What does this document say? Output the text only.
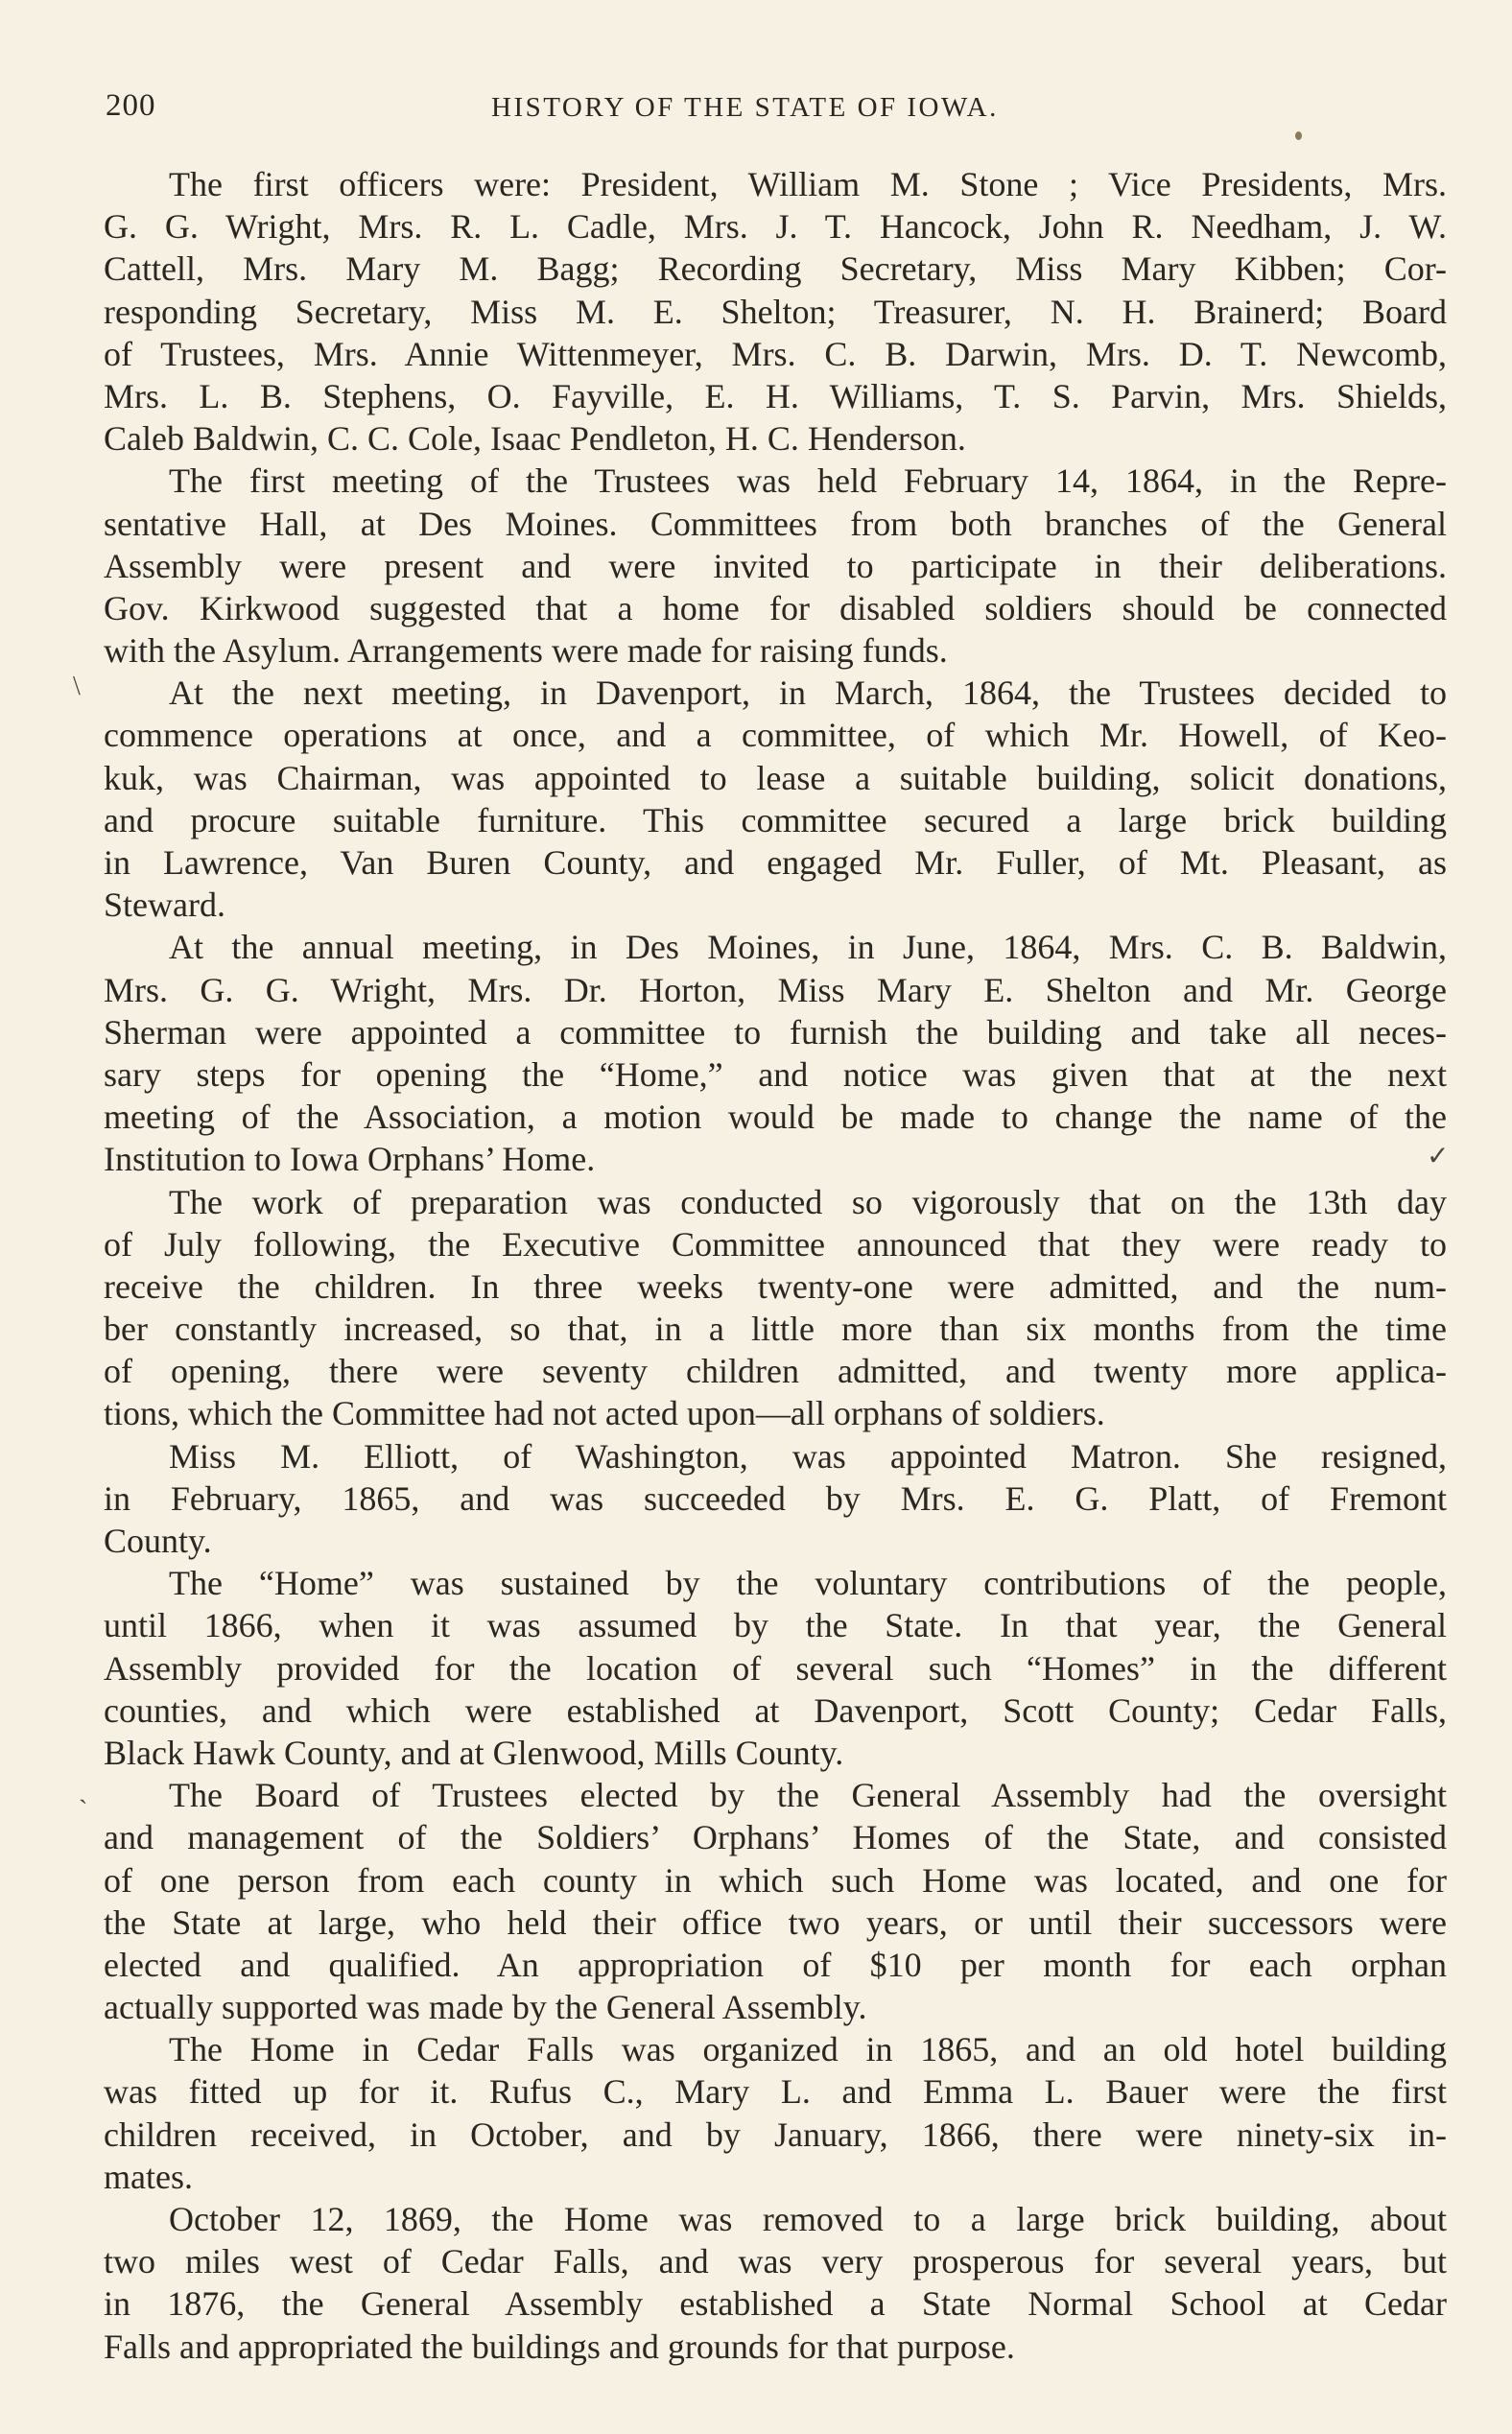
200	HISTORY OF THE STATE OF IOWA.
\
✓
ˎ
The first officers were: President, William M. Stone ; Vice Presidents, Mrs.
G. G. Wright, Mrs. R. L. Cadle, Mrs. J. T. Hancock, John R. Needham, J. W.
Cattell, Mrs. Mary M. Bagg; Recording Secretary, Miss Mary Kibben; Cor-
responding Secretary, Miss M. E. Shelton; Treasurer, N. H. Brainerd; Board
of Trustees, Mrs. Annie Wittenmeyer, Mrs. C. B. Darwin, Mrs. D. T. Newcomb,
Mrs. L. B. Stephens, O. Fayville, E. H. Williams, T. S. Parvin, Mrs. Shields,
Caleb Baldwin, C. C. Cole, Isaac Pendleton, H. C. Henderson.
The first meeting of the Trustees was held February 14, 1864, in the Repre-
sentative Hall, at Des Moines. Committees from both branches of the General
Assembly were present and were invited to participate in their deliberations.
Gov. Kirkwood suggested that a home for disabled soldiers should be connected
with the Asylum. Arrangements were made for raising funds.
At the next meeting, in Davenport, in March, 1864, the Trustees decided to
commence operations at once, and a committee, of which Mr. Howell, of Keo-
kuk, was Chairman, was appointed to lease a suitable building, solicit donations,
and procure suitable furniture. This committee secured a large brick building
in Lawrence, Van Buren County, and engaged Mr. Fuller, of Mt. Pleasant, as
Steward.
At the annual meeting, in Des Moines, in June, 1864, Mrs. C. B. Baldwin,
Mrs. G. G. Wright, Mrs. Dr. Horton, Miss Mary E. Shelton and Mr. George
Sherman were appointed a committee to furnish the building and take all neces-
sary steps for opening the “Home,” and notice was given that at the next
meeting of the Association, a motion would be made to change the name of the
Institution to Iowa Orphans’ Home.
The work of preparation was conducted so vigorously that on the 13th day
of July following, the Executive Committee announced that they were ready to
receive the children. In three weeks twenty-one were admitted, and the num-
ber constantly increased, so that, in a little more than six months from the time
of opening, there were seventy children admitted, and twenty more applica-
tions, which the Committee had not acted upon—all orphans of soldiers.
Miss M. Elliott, of Washington, was appointed Matron. She resigned,
in February, 1865, and was succeeded by Mrs. E. G. Platt, of Fremont
County.
The “Home” was sustained by the voluntary contributions of the people,
until 1866, when it was assumed by the State. In that year, the General
Assembly provided for the location of several such “Homes” in the different
counties, and which were established at Davenport, Scott County; Cedar Falls,
Black Hawk County, and at Glenwood, Mills County.
The Board of Trustees elected by the General Assembly had the oversight
and management of the Soldiers’ Orphans’ Homes of the State, and consisted
of one person from each county in which such Home was located, and one for
the State at large, who held their office two years, or until their successors were
elected and qualified. An appropriation of $10 per month for each orphan
actually supported was made by the General Assembly.
The Home in Cedar Falls was organized in 1865, and an old hotel building
was fitted up for it. Rufus C., Mary L. and Emma L. Bauer were the first
children received, in October, and by January, 1866, there were ninety-six in-
mates.
October 12, 1869, the Home was removed to a large brick building, about
two miles west of Cedar Falls, and was very prosperous for several years, but
in 1876, the General Assembly established a State Normal School at Cedar
Falls and appropriated the buildings and grounds for that purpose.
